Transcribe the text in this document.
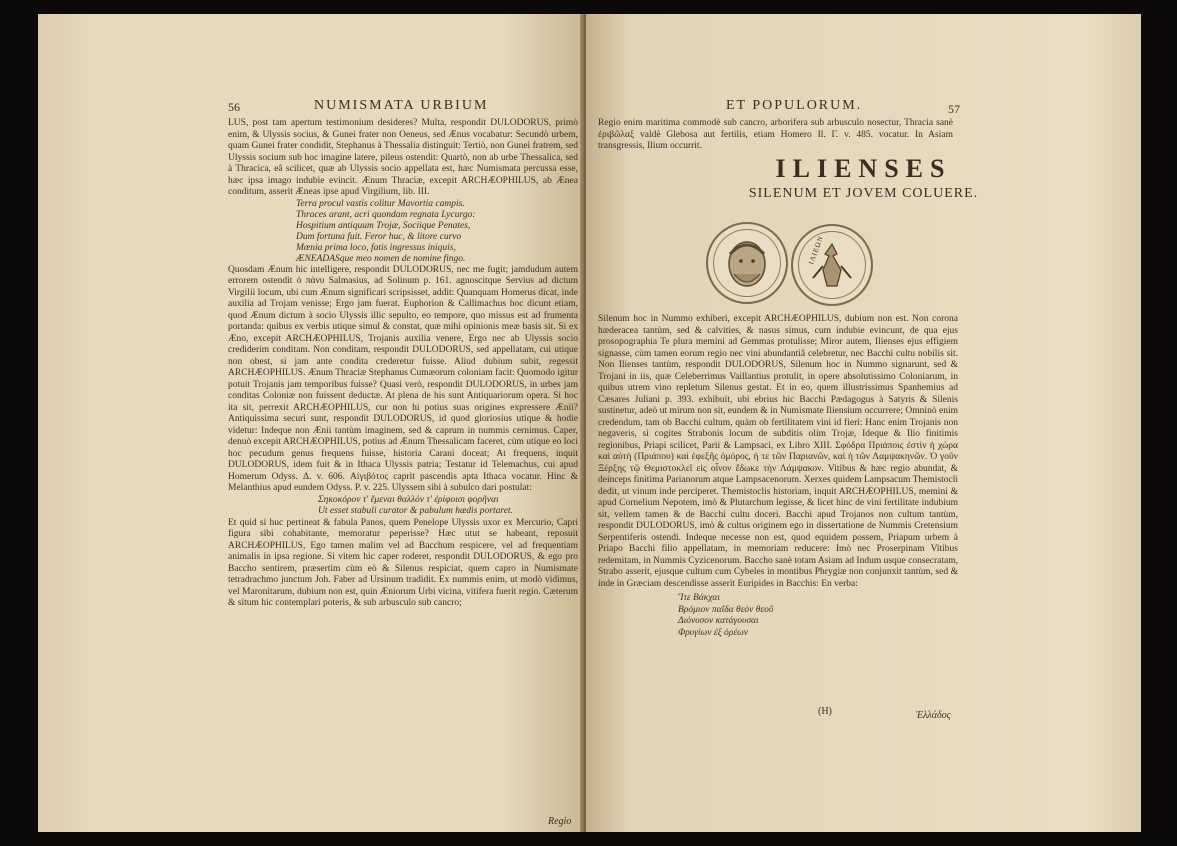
56	NUMISMATA URBIUM

LUS, post tam apertum testimonium desideres? Multa, respondit DULODORUS, primò enim, & Ulyssis socius, & Gunei frater non Oeneus, sed Ænus vocabatur: Secundò urbem, quam Gunei frater condidit, Stephanus à Thessalia distinguit: Tertiò, non Gunei fratrem, sed Ulyssis socium sub hoc imagine latere, pileus ostendit: Quartò, non ab urbe Thessalica, sed à Thracica, eâ scilicet, quæ ab Ulyssis socio appellata est, hæc Numismata percussa esse, hæc ipsa imago indubie evincit. Ænum Thraciæ, excepit ARCHÆOPHILUS, ab Ænea conditum, asserit Æneas ipse apud Virgilium, lib. III.

Terra procul vastis colitur Mavortia campis.
Thraces arant, acri quondam regnata Lycurgo:
Hospitium antiquum Trojæ, Sociique Penates,
Dum fortuna fuit. Feror huc, & litore curvo
Mœnia prima loco, fatis ingressus iniquis,
ÆNEADASque meo nomen de nomine fingo.

Quosdam Ænum hic intelligere, respondit DULODORUS, nec me fugit; jamdudum autem errorem ostendit ὁ πάνυ Salmasius, ad Solinum p. 161. agnoscitque Servius ad dictum Virgilii locum, ubi cum Ænum significari scripsisset, addit: Quanquam Homerus dicat, inde auxilia ad Trojam venisse; Ergo jam fuerat. Euphorion & Callimachus hoc dicunt etiam, quod Ænum dictum à socio Ulyssis illic sepulto, eo tempore, quo missus est ad frumenta portanda: quibus ex verbis utique simul & constat, quæ mihi opinionis meæ basis sit. Si ex Æno, excepit ARCHÆOPHILUS, Trojanis auxilia venere, Ergo nec ab Ulyssis socio crediderim conditam. Non conditam, respondit DULODORUS, sed appellatam, cui utique non obest, si jam ante condita crederetur fuisse. Aliud dubium subit, regessit ARCHÆOPHILUS. Ænum Thraciæ Stephanus Cumæorum coloniam facit: Quomodo igitur potuit Trojanis jam temporibus fuisse? Quasi verò, respondit DULODORUS, in urbes jam conditas Coloniæ non fuissent deductæ. At plena de his sunt Antiquariorum opera. Si hoc ita sit, perrexit ARCHÆOPHILUS, cur non hi potius suas origines expressere Ænii? Antiquissima securi sunt, respondit DULODORUS, id quod gloriosius utique & hodie videtur: Indeque non Ænii tantùm imaginem, sed & caprum in nummis cernimus. Caper, denuò excepit ARCHÆOPHILUS, potius ad Ænum Thessalicam faceret, cùm utique eo loci hoc pecudum genus frequens fuisse, historia Carani doceat; At frequens, inquit DULODORUS, idem fuit & in Ithaca Ulyssis patria; Testatur id Telemachus, cui apud Homerum Odyss. Δ. v. 606. Αἰγιβότος caprit pascendis apta Ithaca vocatur. Hinc & Melanthius apud eundem Odyss. P. v. 225. Ulyssem sibi à subulco dari postulat:

Σηκοκόρον τ' ἔμεναι θαλλόν τ' ἐρίφοισι φορῆναι
Ut esset stabuli curator & pabulum hædis portaret.

Et quid si huc pertineat & fabula Panos, quem Penelope Ulyssis uxor ex Mercurio, Capri figura sibi cohabitante, memoratur peperisse? Hæc utut se habeant, reposuit ARCHÆOPHILUS, Ego tamen malim vel ad Bacchum respicere, vel ad frequentiam animalis in ipsa regione. Si vitem hic caper roderet, respondit DULODORUS, & ego pro Baccho sentirem, præsertim cùm eò & Silenus respiciat, quem capro in Numismate tetradrachmo junctum Joh. Faber ad Ursinum tradidit. Ex nummis enim, ut modò vidimus, vel Maronitarum, dubium non est, quin Æniorum Urbi vicina, vitifera fuerit regio. Cæterum & situm hic contemplari poteris, & sub arbusculo sub cancro;

Regio
ET POPULORUM.	57
Regio enim maritima commodè sub cancro, arborifera sub arbusculo nosectur, Thracia sanè ἐριβῶλαξ valdè Glebosa aut fertilis, etiam Homero Il. Γ. v. 485. vocatur. In Asiam transgressis, Ilium occurrit.
ILIENSES
SILENUM ET JOVEM COLUERE.
ΙΛΙΕΩΝ

Silenum hoc in Nummo exhiberi, excepit ARCHÆOPHILUS, dubium non est. Non corona hæderacea tantùm, sed & calvities, & nasus simus, cum indubie evincunt, de qua ejus prosopographia Te plura memini ad Gemmas protulisse; Miror autem, Ilienses ejus effigiem signasse, cùm tamen eorum regio nec vini abundantiâ celebretur, nec Bacchi cultu nobilis sit. Non Ilienses tantùm, respondit DULODORUS, Silenum hoc in Nummo signarunt, sed & Trojani in iis, quæ Celeberrimus Vaillantius protulit, in opere absolutissimo Coloniarum, in quibus utrem vino repletum Silenus gestat. Et in eo, quem illustrissimus Spanhemius ad Cæsares Juliani p. 393. exhibuit, ubi ebrius hic Bacchi Pædagogus à Satyris & Silenis sustinetur, adeò ut mirum non sit, eundem & in Numismate Iliensium occurrere; Omninò enim credendum, tam ob Bacchi cultum, quàm ob fertilitatem vini id fieri: Hanc enim Trojanis non negaveris, si cogites Strabonis locum de subditis olim Trojæ, Ideque & Ilio finitimis regionibus, Priapi scilicet, Parii & Lampsaci, ex Libro XIII. Σφόδρα Πριάποις ἐστὶν ἡ χώρα καὶ αὐτὴ (Πριάπου) καὶ ἐφεξῆς ὁμόρος, ἡ τε τῶν Παριανῶν, καὶ ἡ τῶν Λαμψακηνῶν. Ὁ γοῦν Ξέρξης τῷ Θεμιστοκλεῖ εἰς οἶνον ἔδωκε τὴν Λάμψακον. Vitibus & hæc regio abundat, & deinceps finitima Parianorum atque Lampsacenorum. Xerxes quidem Lampsacum Themistocli dedit, ut vinum inde perciperet. Themistoclis historiam, inquit ARCHÆOPHILUS, memini & apud Cornelium Nepotem, imò & Plutarchum legisse, & licet hinc de vini fertilitate indubium sit, vellem tamen & de Bacchi cultu doceri. Bacchi apud Trojanos non cultum tantùm, respondit DULODORUS, imò & cultus originem ego in dissertatione de Nummis Cretensium Serpentiferis ostendi. Indeque necesse non est, quod equidem possem, Priapum urbem à Priapo Bacchi filio appellatam, in memoriam reducere: Imò nec Proserpinam Vitibus redemitam, in Nummis Cyzicenorum. Baccho sanè totam Asiam ad Indum usque consecratam, Strabo asserit, ejusque cultum cum Cybeles in montibus Phrygiæ non conjunxit tantùm, sed & inde in Græciam descendisse asserit Euripides in Bacchis: En verba:

Ἴτε Βάκχαι
Βρόμιον παῖδα θεὸν θεοῦ
Διόνυσον κατάγουσαι
Φρυγίων ἐξ ὀρέων
(H)	Ἑλλάδος
